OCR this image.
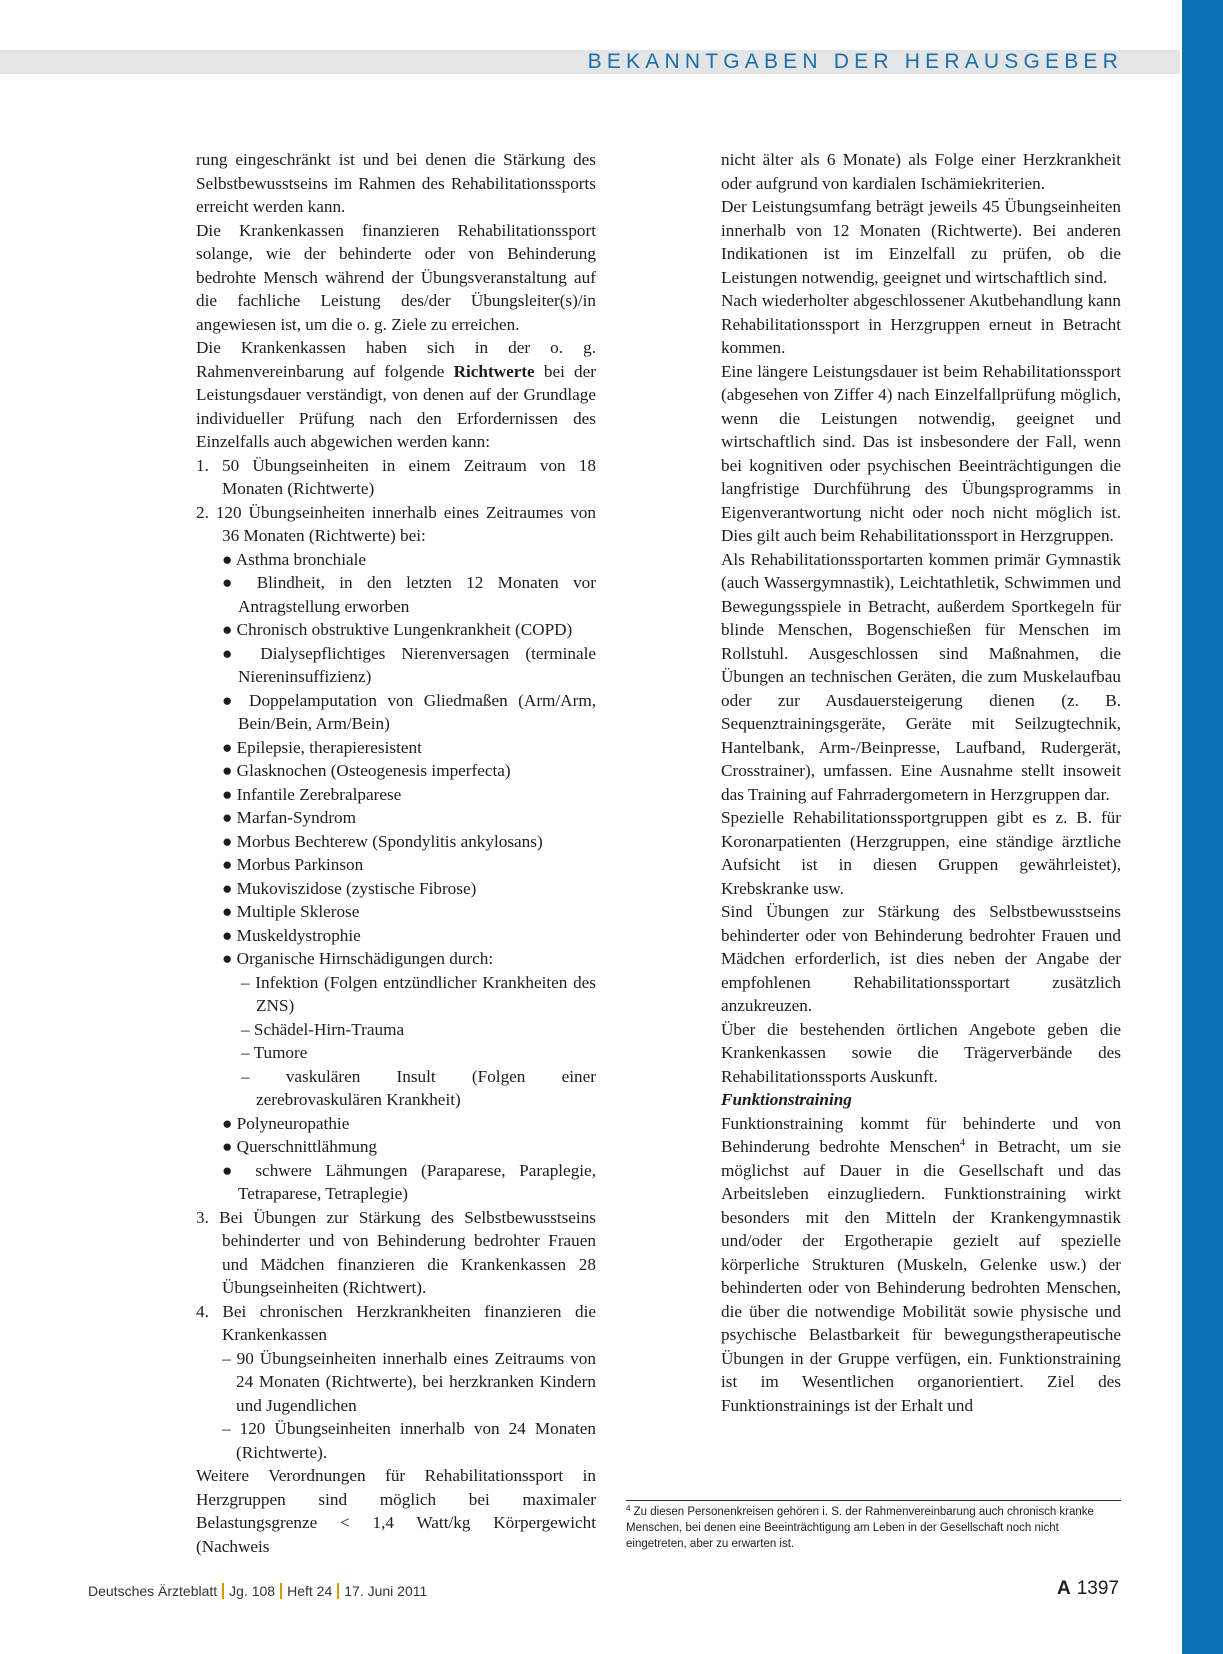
BEKANNTGABEN DER HERAUSGEBER

rung eingeschränkt ist und bei denen die Stärkung des Selbstbewusstseins im Rahmen des Rehabilitationssports erreicht werden kann.

Die Krankenkassen finanzieren Rehabilitationssport solange, wie der behinderte oder von Behinderung bedrohte Mensch während der Übungsveranstaltung auf die fachliche Leistung des/der Übungsleiter(s)/in angewiesen ist, um die o. g. Ziele zu erreichen.

Die Krankenkassen haben sich in der o. g. Rahmenvereinbarung auf folgende Richtwerte bei der Leistungsdauer verständigt, von denen auf der Grundlage individueller Prüfung nach den Erfordernissen des Einzelfalls auch abgewichen werden kann:

1. 50 Übungseinheiten in einem Zeitraum von 18 Monaten (Richtwerte)

2. 120 Übungseinheiten innerhalb eines Zeitraumes von 36 Monaten (Richtwerte) bei:

● Asthma bronchiale

● Blindheit, in den letzten 12 Monaten vor Antragstellung erworben

● Chronisch obstruktive Lungenkrankheit (COPD)

● Dialysepflichtiges Nierenversagen (terminale Niereninsuffizienz)

● Doppelamputation von Gliedmaßen (Arm/Arm, Bein/Bein, Arm/Bein)

● Epilepsie, therapieresistent

● Glasknochen (Osteogenesis imperfecta)

● Infantile Zerebralparese

● Marfan-Syndrom

● Morbus Bechterew (Spondylitis ankylosans)

● Morbus Parkinson

● Mukoviszidose (zystische Fibrose)

● Multiple Sklerose

● Muskeldystrophie

● Organische Hirnschädigungen durch:

– Infektion (Folgen entzündlicher Krankheiten des ZNS)

– Schädel-Hirn-Trauma

– Tumore

– vaskulären Insult (Folgen einer zerebrovaskulären Krankheit)

● Polyneuropathie

● Querschnittlähmung

● schwere Lähmungen (Paraparese, Paraplegie, Tetraparese, Tetraplegie)

3. Bei Übungen zur Stärkung des Selbstbewusstseins behinderter und von Behinderung bedrohter Frauen und Mädchen finanzieren die Krankenkassen 28 Übungseinheiten (Richtwert).

4. Bei chronischen Herzkrankheiten finanzieren die Krankenkassen

– 90 Übungseinheiten innerhalb eines Zeitraums von 24 Monaten (Richtwerte), bei herzkranken Kindern und Jugendlichen

– 120 Übungseinheiten innerhalb von 24 Monaten (Richtwerte).

Weitere Verordnungen für Rehabilitationssport in Herzgruppen sind möglich bei maximaler Belastungsgrenze < 1,4 Watt/kg Körpergewicht (Nachweis

nicht älter als 6 Monate) als Folge einer Herzkrankheit oder aufgrund von kardialen Ischämiekriterien.

Der Leistungsumfang beträgt jeweils 45 Übungseinheiten innerhalb von 12 Monaten (Richtwerte). Bei anderen Indikationen ist im Einzelfall zu prüfen, ob die Leistungen notwendig, geeignet und wirtschaftlich sind.

Nach wiederholter abgeschlossener Akutbehandlung kann Rehabilitationssport in Herzgruppen erneut in Betracht kommen.

Eine längere Leistungsdauer ist beim Rehabilitationssport (abgesehen von Ziffer 4) nach Einzelfallprüfung möglich, wenn die Leistungen notwendig, geeignet und wirtschaftlich sind. Das ist insbesondere der Fall, wenn bei kognitiven oder psychischen Beeinträchtigungen die langfristige Durchführung des Übungsprogramms in Eigenverantwortung nicht oder noch nicht möglich ist. Dies gilt auch beim Rehabilitationssport in Herzgruppen.

Als Rehabilitationssportarten kommen primär Gymnastik (auch Wassergymnastik), Leichtathletik, Schwimmen und Bewegungsspiele in Betracht, außerdem Sportkegeln für blinde Menschen, Bogenschießen für Menschen im Rollstuhl. Ausgeschlossen sind Maßnahmen, die Übungen an technischen Geräten, die zum Muskelaufbau oder zur Ausdauersteigerung dienen (z. B. Sequenztrainingsgeräte, Geräte mit Seilzugtechnik, Hantelbank, Arm-/Beinpresse, Laufband, Rudergerät, Crosstrainer), umfassen. Eine Ausnahme stellt insoweit das Training auf Fahrradergometern in Herzgruppen dar.

Spezielle Rehabilitationssportgruppen gibt es z. B. für Koronarpatienten (Herzgruppen, eine ständige ärztliche Aufsicht ist in diesen Gruppen gewährleistet), Krebskranke usw.

Sind Übungen zur Stärkung des Selbstbewusstseins behinderter oder von Behinderung bedrohter Frauen und Mädchen erforderlich, ist dies neben der Angabe der empfohlenen Rehabilitationssportart zusätzlich anzukreuzen.

Über die bestehenden örtlichen Angebote geben die Krankenkassen sowie die Trägerverbände des Rehabilitationssports Auskunft.

Funktionstraining

Funktionstraining kommt für behinderte und von Behinderung bedrohte Menschen$^4$ in Betracht, um sie möglichst auf Dauer in die Gesellschaft und das Arbeitsleben einzugliedern. Funktionstraining wirkt besonders mit den Mitteln der Krankengymnastik und/oder der Ergotherapie gezielt auf spezielle körperliche Strukturen (Muskeln, Gelenke usw.) der behinderten oder von Behinderung bedrohten Menschen, die über die notwendige Mobilität sowie physische und psychische Belastbarkeit für bewegungstherapeutische Übungen in der Gruppe verfügen, ein. Funktionstraining ist im Wesentlichen organorientiert. Ziel des Funktionstrainings ist der Erhalt und

$^4$ Zu diesen Personenkreisen gehören i. S. der Rahmenvereinbarung auch chronisch kranke Menschen, bei denen eine Beeinträchtigung am Leben in der Gesellschaft noch nicht eingetreten, aber zu erwarten ist.
Deutsches Ärzteblatt Jg. 108 Heft 24 17. Juni 2011	A 1397
